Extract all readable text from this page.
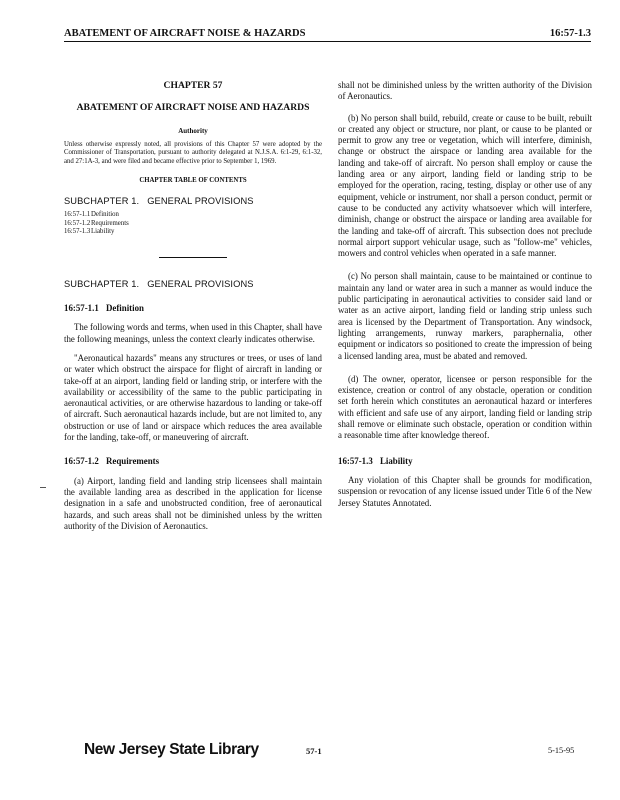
ABATEMENT OF AIRCRAFT NOISE & HAZARDS	16:57-1.3
CHAPTER 57
ABATEMENT OF AIRCRAFT NOISE AND HAZARDS
Authority
Unless otherwise expressly noted, all provisions of this Chapter 57 were adopted by the Commissioner of Transportation, pursuant to authority delegated at N.J.S.A. 6:1-29, 6:1-32, and 27:1A-3, and were filed and became effective prior to September 1, 1969.
CHAPTER TABLE OF CONTENTS
SUBCHAPTER 1.   GENERAL PROVISIONS
16:57-1.1 Definition
16:57-1.2 Requirements
16:57-1.3 Liability
SUBCHAPTER 1.   GENERAL PROVISIONS
16:57-1.1 Definition

The following words and terms, when used in this Chapter, shall have the following meanings, unless the context clearly indicates otherwise.

"Aeronautical hazards" means any structures or trees, or uses of land or water which obstruct the airspace for flight of aircraft in landing or take-off at an airport, landing field or landing strip, or interfere with the availability or accessibility of the same to the public participating in aeronautical activities, or are otherwise hazardous to landing or take-off of aircraft. Such aeronautical hazards include, but are not limited to, any obstruction or use of land or airspace which reduces the area available for the landing, take-off, or maneuvering of aircraft.

16:57-1.2 Requirements

(a) Airport, landing field and landing strip licensees shall maintain the available landing area as described in the application for license designation in a safe and unobstructed condition, free of aeronautical hazards, and such areas shall not be diminished unless by the written authority of the Division of Aeronautics.

shall not be diminished unless by the written authority of the Division of Aeronautics.

(b) No person shall build, rebuild, create or cause to be built, rebuilt or created any object or structure, nor plant, or cause to be planted or permit to grow any tree or vegetation, which will interfere, diminish, change or obstruct the airspace or landing area available for the landing and take-off of aircraft. No person shall employ or cause the landing area or any airport, landing field or landing strip to be employed for the operation, racing, testing, display or other use of any equipment, vehicle or instrument, nor shall a person conduct, permit or cause to be conducted any activity whatsoever which will interfere, diminish, change or obstruct the airspace or landing area available for the landing and take-off of aircraft. This subsection does not preclude normal airport support vehicular usage, such as "follow-me" vehicles, mowers and control vehicles when operated in a safe manner.

(c) No person shall maintain, cause to be maintained or continue to maintain any land or water area in such a manner as would induce the public participating in aeronautical activities to consider said land or water as an active airport, landing field or landing strip unless such area is licensed by the Department of Transportation. Any windsock, lighting arrangements, runway markers, paraphernalia, other equipment or indicators so positioned to create the impression of being a licensed landing area, must be abated and removed.

(d) The owner, operator, licensee or person responsible for the existence, creation or control of any obstacle, operation or condition set forth herein which constitutes an aeronautical hazard or interferes with efficient and safe use of any airport, landing field or landing strip shall remove or eliminate such obstacle, operation or condition within a reasonable time after knowledge thereof.

16:57-1.3 Liability

Any violation of this Chapter shall be grounds for modification, suspension or revocation of any license issued under Title 6 of the New Jersey Statutes Annotated.

New Jersey State Library	57-1	5-15-95
